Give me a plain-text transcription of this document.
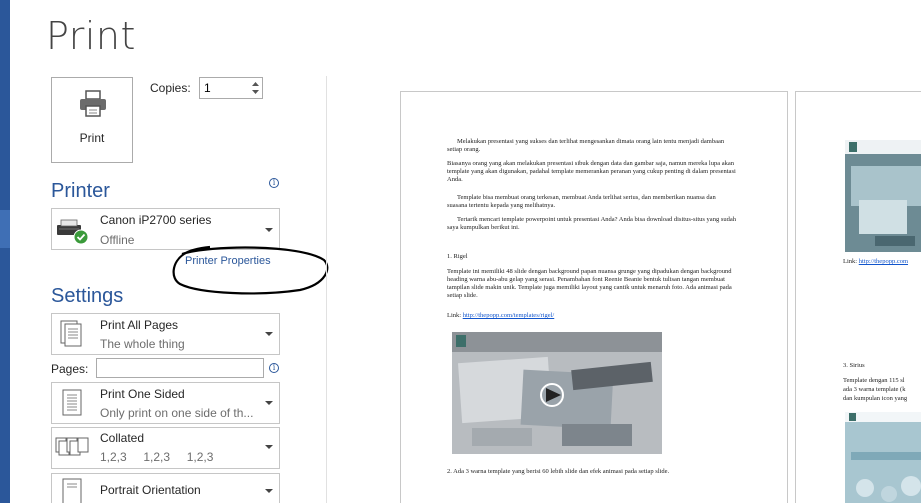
Print
Print
Copies: 1
Printer	i
Canon iP2700 series
Offline
Printer Properties
Settings
Print All Pages
The whole thing
Pages:	i
Print One Sided
Only print on one side of th...
Collated
1,2,3     1,2,3     1,2,3
Portrait Orientation
Melakukan presentasi yang sukses dan terlihat mengesankan dimata orang lain tentu menjadi dambaan setiap orang.
Biasanya orang yang akan melakukan presentasi sibuk dengan data dan gambar saja, namun mereka lupa akan template yang akan digunakan, padahal template memerankan peranan yang cukup penting di dalam presentasi Anda.
Template bisa membuat orang terkesan, membuat Anda terlihat serius, dan memberikan nuansa dan suasana tertentu kepada yang melihatnya.
Tertarik mencari template powerpoint untuk presentasi Anda? Anda bisa download disitus-situs yang sudah saya kumpulkan berikut ini.
1. Rigel
Template ini memiliki 48 slide dengan background papan nuansa grunge yang dipadukan dengan background heading warna abu-abu gelap yang serasi. Penambahan font Reenie Beanie bentuk tulisan tangan membuat tampilan slide makin unik. Template juga memiliki layout yang cantik untuk menaruh foto. Ada animasi pada setiap slide.
Link: http://thepopp.com/templates/rigel/
2. Ada 3 warna template yang berisi 60 lebih slide dan efek animasi pada setiap slide.
Link: http://thepopp.com
3. Sirius
Template dengan 115 sl
ada 3 warna template (k
dan kumpulan icon yang
